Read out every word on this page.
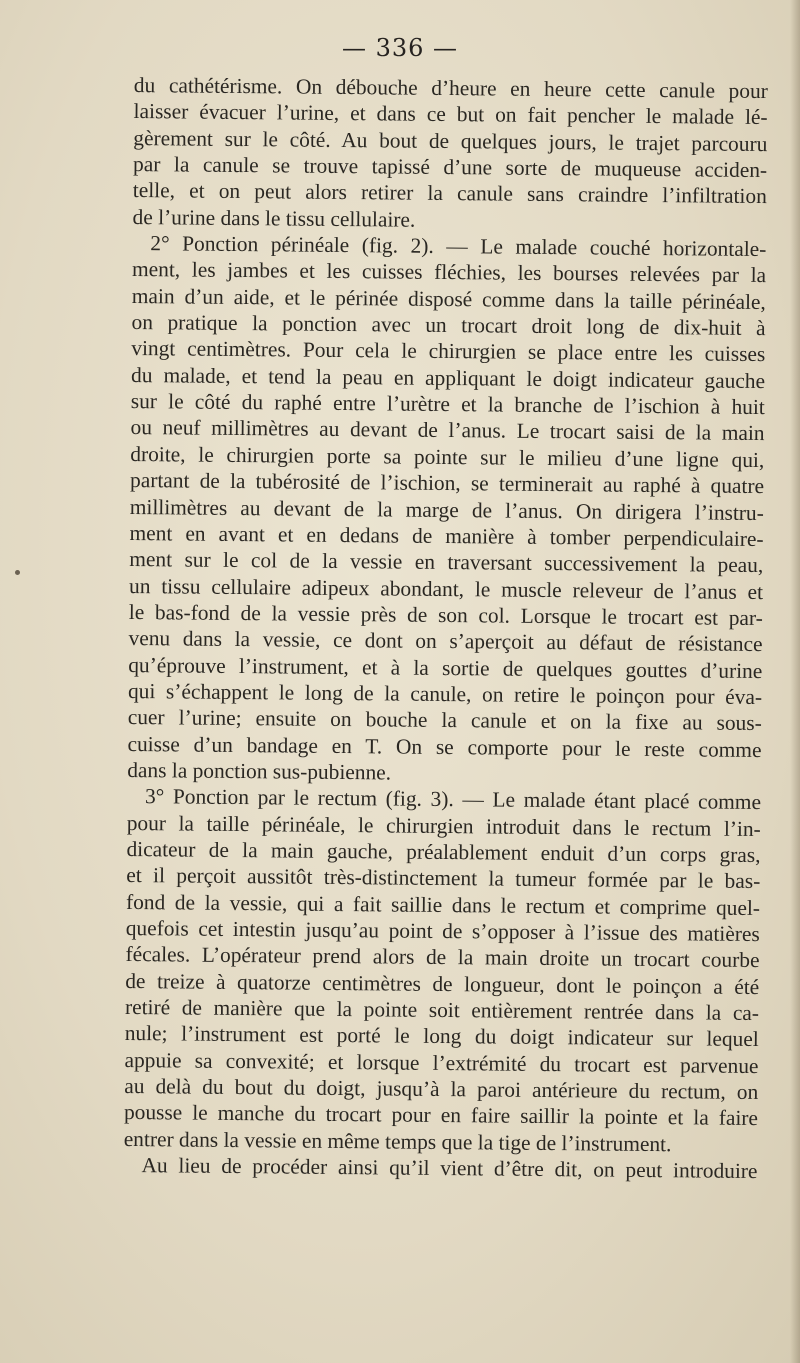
— 336 —
du cathétérisme. On débouche d’heure en heure cette canule pour
laisser évacuer l’urine, et dans ce but on fait pencher le malade lé-
gèrement sur le côté. Au bout de quelques jours, le trajet parcouru
par la canule se trouve tapissé d’une sorte de muqueuse acciden-
telle, et on peut alors retirer la canule sans craindre l’infiltration
de l’urine dans le tissu cellulaire.
2° Ponction périnéale (fig. 2). — Le malade couché horizontale-
ment, les jambes et les cuisses fléchies, les bourses relevées par la
main d’un aide, et le périnée disposé comme dans la taille périnéale,
on pratique la ponction avec un trocart droit long de dix-huit à
vingt centimètres. Pour cela le chirurgien se place entre les cuisses
du malade, et tend la peau en appliquant le doigt indicateur gauche
sur le côté du raphé entre l’urètre et la branche de l’ischion à huit
ou neuf millimètres au devant de l’anus. Le trocart saisi de la main
droite, le chirurgien porte sa pointe sur le milieu d’une ligne qui,
partant de la tubérosité de l’ischion, se terminerait au raphé à quatre
millimètres au devant de la marge de l’anus. On dirigera l’instru-
ment en avant et en dedans de manière à tomber perpendiculaire-
ment sur le col de la vessie en traversant successivement la peau,
un tissu cellulaire adipeux abondant, le muscle releveur de l’anus et
le bas-fond de la vessie près de son col. Lorsque le trocart est par-
venu dans la vessie, ce dont on s’aperçoit au défaut de résistance
qu’éprouve l’instrument, et à la sortie de quelques gouttes d’urine
qui s’échappent le long de la canule, on retire le poinçon pour éva-
cuer l’urine; ensuite on bouche la canule et on la fixe au sous-
cuisse d’un bandage en T. On se comporte pour le reste comme
dans la ponction sus-pubienne.
3° Ponction par le rectum (fig. 3). — Le malade étant placé comme
pour la taille périnéale, le chirurgien introduit dans le rectum l’in-
dicateur de la main gauche, préalablement enduit d’un corps gras,
et il perçoit aussitôt très-distinctement la tumeur formée par le bas-
fond de la vessie, qui a fait saillie dans le rectum et comprime quel-
quefois cet intestin jusqu’au point de s’opposer à l’issue des matières
fécales. L’opérateur prend alors de la main droite un trocart courbe
de treize à quatorze centimètres de longueur, dont le poinçon a été
retiré de manière que la pointe soit entièrement rentrée dans la ca-
nule; l’instrument est porté le long du doigt indicateur sur lequel
appuie sa convexité; et lorsque l’extrémité du trocart est parvenue
au delà du bout du doigt, jusqu’à la paroi antérieure du rectum, on
pousse le manche du trocart pour en faire saillir la pointe et la faire
entrer dans la vessie en même temps que la tige de l’instrument.
Au lieu de procéder ainsi qu’il vient d’être dit, on peut introduire
